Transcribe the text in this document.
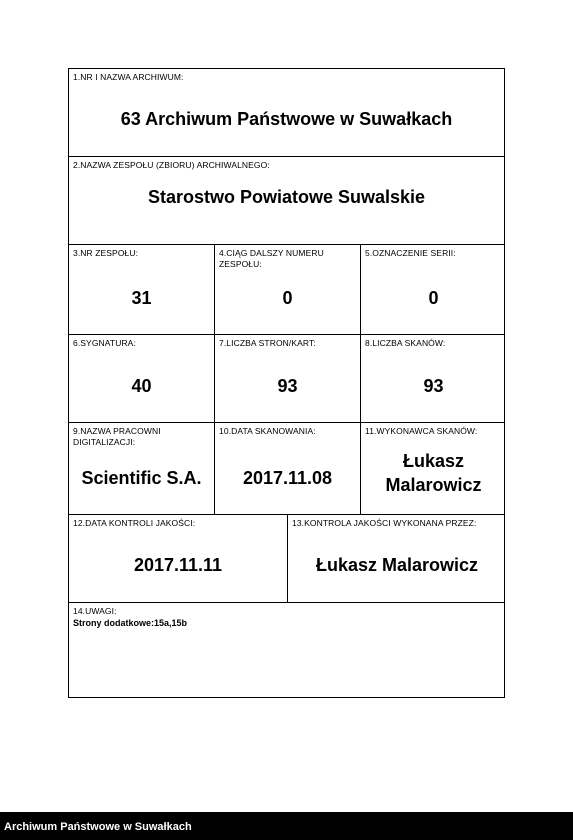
1.NR I NAZWA ARCHIWUM:
63 Archiwum Państwowe w Suwałkach
2.NAZWA ZESPOŁU (ZBIORU) ARCHIWALNEGO:
Starostwo Powiatowe Suwalskie
3.NR ZESPOŁU:
31
4.CIĄG DALSZY NUMERU ZESPOŁU:
0
5.OZNACZENIE SERII:
0
6.SYGNATURA:
40
7.LICZBA STRON/KART:
93
8.LICZBA SKANÓW:
93
9.NAZWA PRACOWNI DIGITALIZACJI:
Scientific S.A.
10.DATA SKANOWANIA:
2017.11.08
11.WYKONAWCA SKANÓW:
Łukasz
Malarowicz
12.DATA KONTROLI JAKOŚCI:
2017.11.11
13.KONTROLA JAKOŚCI WYKONANA PRZEZ:
Łukasz Malarowicz
14.UWAGI:
Strony dodatkowe:15a,15b
Archiwum Państwowe w Suwałkach
